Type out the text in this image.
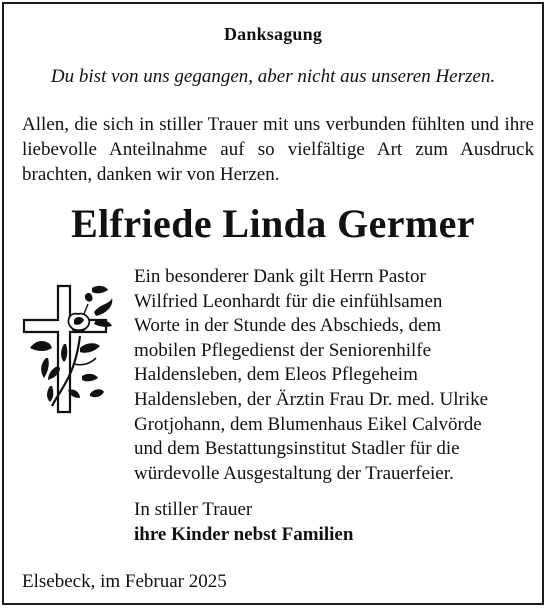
Danksagung
Du bist von uns gegangen, aber nicht aus unseren Herzen.
Allen, die sich in stiller Trauer mit uns verbunden fühlten und ihre liebevolle Anteilnahme auf so vielfältige Art zum Ausdruck brachten, danken wir von Herzen.
Elfriede Linda Germer

Ein besonderer Dank gilt Herrn Pastor

Wilfried Leonhardt für die einfühlsamen

Worte in der Stunde des Abschieds, dem

mobilen Pflegedienst der Seniorenhilfe

Haldensleben, dem Eleos Pflegeheim

Haldensleben, der Ärztin Frau Dr. med. Ulrike

Grotjohann, dem Blumenhaus Eikel Calvörde

und dem Bestattungsinstitut Stadler für die

würdevolle Ausgestaltung der Trauerfeier.

In stiller Trauer
ihre Kinder nebst Familien
Elsebeck, im Februar 2025
